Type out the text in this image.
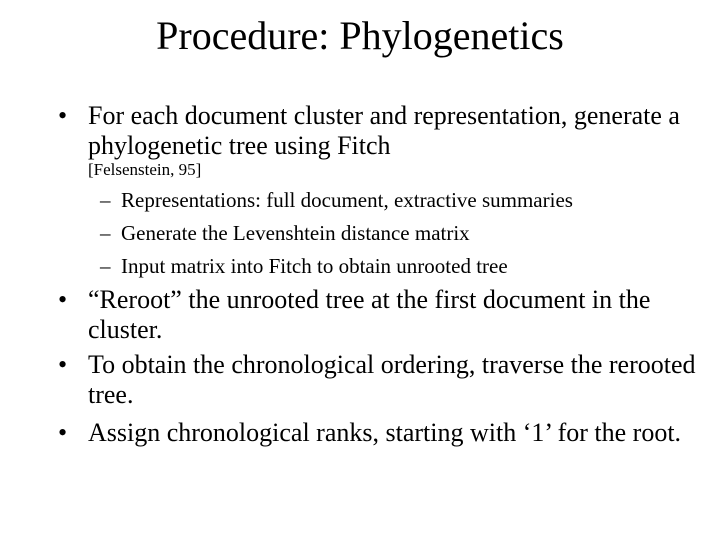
Procedure: Phylogenetics
• For each document cluster and representation, generate a phylogenetic tree using Fitch
[Felsenstein, 95]
– Representations: full document, extractive summaries
– Generate the Levenshtein distance matrix
– Input matrix into Fitch to obtain unrooted tree
• “Reroot” the unrooted tree at the first document in the cluster.
• To obtain the chronological ordering, traverse the rerooted tree.
• Assign chronological ranks, starting with ‘1’ for the root.
